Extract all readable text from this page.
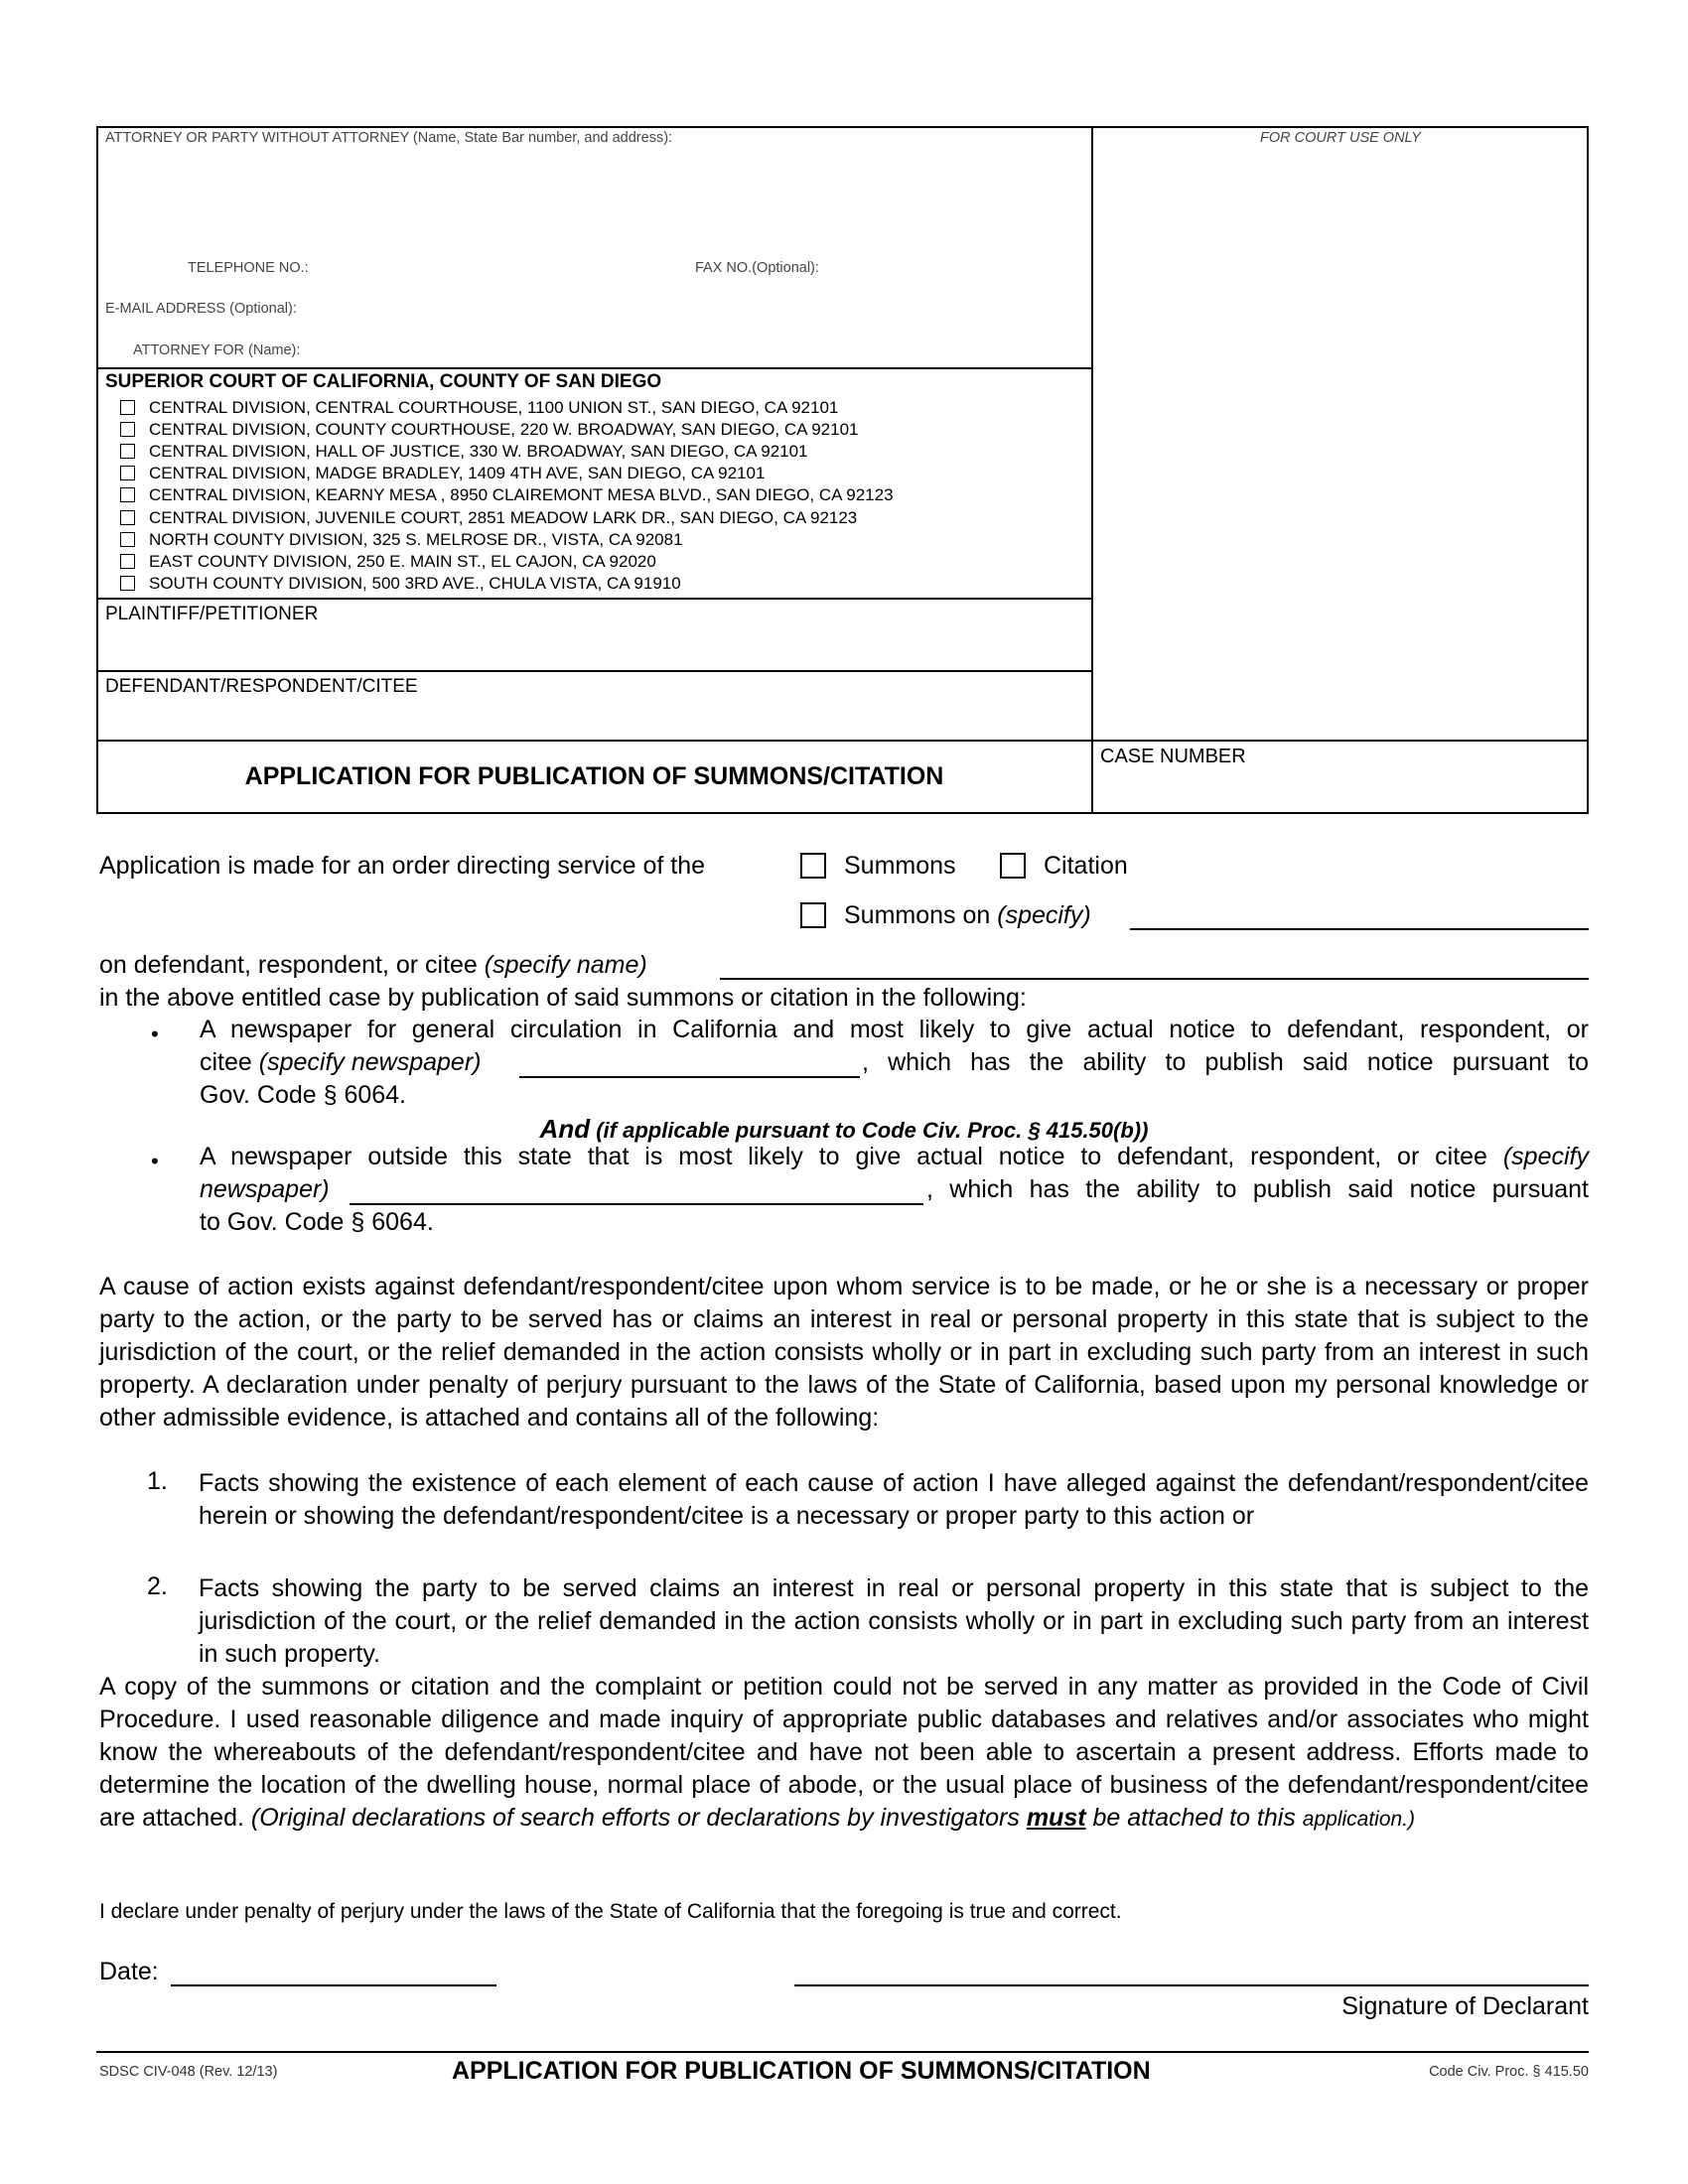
ATTORNEY OR PARTY WITHOUT ATTORNEY (Name, State Bar number, and address):	FOR COURT USE ONLY
TELEPHONE NO.:	FAX NO.(Optional):
E-MAIL ADDRESS (Optional):
ATTORNEY FOR (Name):
SUPERIOR COURT OF CALIFORNIA, COUNTY OF SAN DIEGO
CENTRAL DIVISION, CENTRAL COURTHOUSE, 1100 UNION ST., SAN DIEGO, CA 92101
CENTRAL DIVISION, COUNTY COURTHOUSE, 220 W. BROADWAY, SAN DIEGO, CA 92101
CENTRAL DIVISION, HALL OF JUSTICE, 330 W. BROADWAY, SAN DIEGO, CA 92101
CENTRAL DIVISION, MADGE BRADLEY, 1409 4TH AVE, SAN DIEGO, CA 92101
CENTRAL DIVISION, KEARNY MESA , 8950 CLAIREMONT MESA BLVD., SAN DIEGO, CA 92123
CENTRAL DIVISION, JUVENILE COURT, 2851 MEADOW LARK DR., SAN DIEGO, CA 92123
NORTH COUNTY DIVISION, 325 S. MELROSE DR., VISTA, CA 92081
EAST COUNTY DIVISION, 250 E. MAIN ST., EL CAJON, CA 92020
SOUTH COUNTY DIVISION, 500 3RD AVE., CHULA VISTA, CA 91910
PLAINTIFF/PETITIONER
DEFENDANT/RESPONDENT/CITEE
APPLICATION FOR PUBLICATION OF SUMMONS/CITATION
CASE NUMBER
Application is made for an order directing service of the	Summons	Citation
Summons on (specify)
on defendant, respondent, or citee (specify name)
in the above entitled case by publication of said summons or citation in the following:
• A newspaper for general circulation in California and most likely to give actual notice to defendant, respondent, or
citee (specify newspaper)	, which has the ability to publish said notice pursuant to
Gov. Code § 6064.
And (if applicable pursuant to Code Civ. Proc. § 415.50(b))
• A newspaper outside this state that is most likely to give actual notice to defendant, respondent, or citee (specify
newspaper)	, which has the ability to publish said notice pursuant
to Gov. Code § 6064.
A cause of action exists against defendant/respondent/citee upon whom service is to be made, or he or she is a necessary or proper party to the action, or the party to be served has or claims an interest in real or personal property in this state that is subject to the jurisdiction of the court, or the relief demanded in the action consists wholly or in part in excluding such party from an interest in such property. A declaration under penalty of perjury pursuant to the laws of the State of California, based upon my personal knowledge or other admissible evidence, is attached and contains all of the following:
1. Facts showing the existence of each element of each cause of action I have alleged against the defendant/respondent/citee herein or showing the defendant/respondent/citee is a necessary or proper party to this action or
2. Facts showing the party to be served claims an interest in real or personal property in this state that is subject to the jurisdiction of the court, or the relief demanded in the action consists wholly or in part in excluding such party from an interest in such property.
A copy of the summons or citation and the complaint or petition could not be served in any matter as provided in the Code of Civil Procedure. I used reasonable diligence and made inquiry of appropriate public databases and relatives and/or associates who might know the whereabouts of the defendant/respondent/citee and have not been able to ascertain a present address. Efforts made to determine the location of the dwelling house, normal place of abode, or the usual place of business of the defendant/respondent/citee are attached. (Original declarations of search efforts or declarations by investigators must be attached to this application.)
I declare under penalty of perjury under the laws of the State of California that the foregoing is true and correct.
Date:
Signature of Declarant
SDSC CIV-048 (Rev. 12/13)	APPLICATION FOR PUBLICATION OF SUMMONS/CITATION	Code Civ. Proc. § 415.50
